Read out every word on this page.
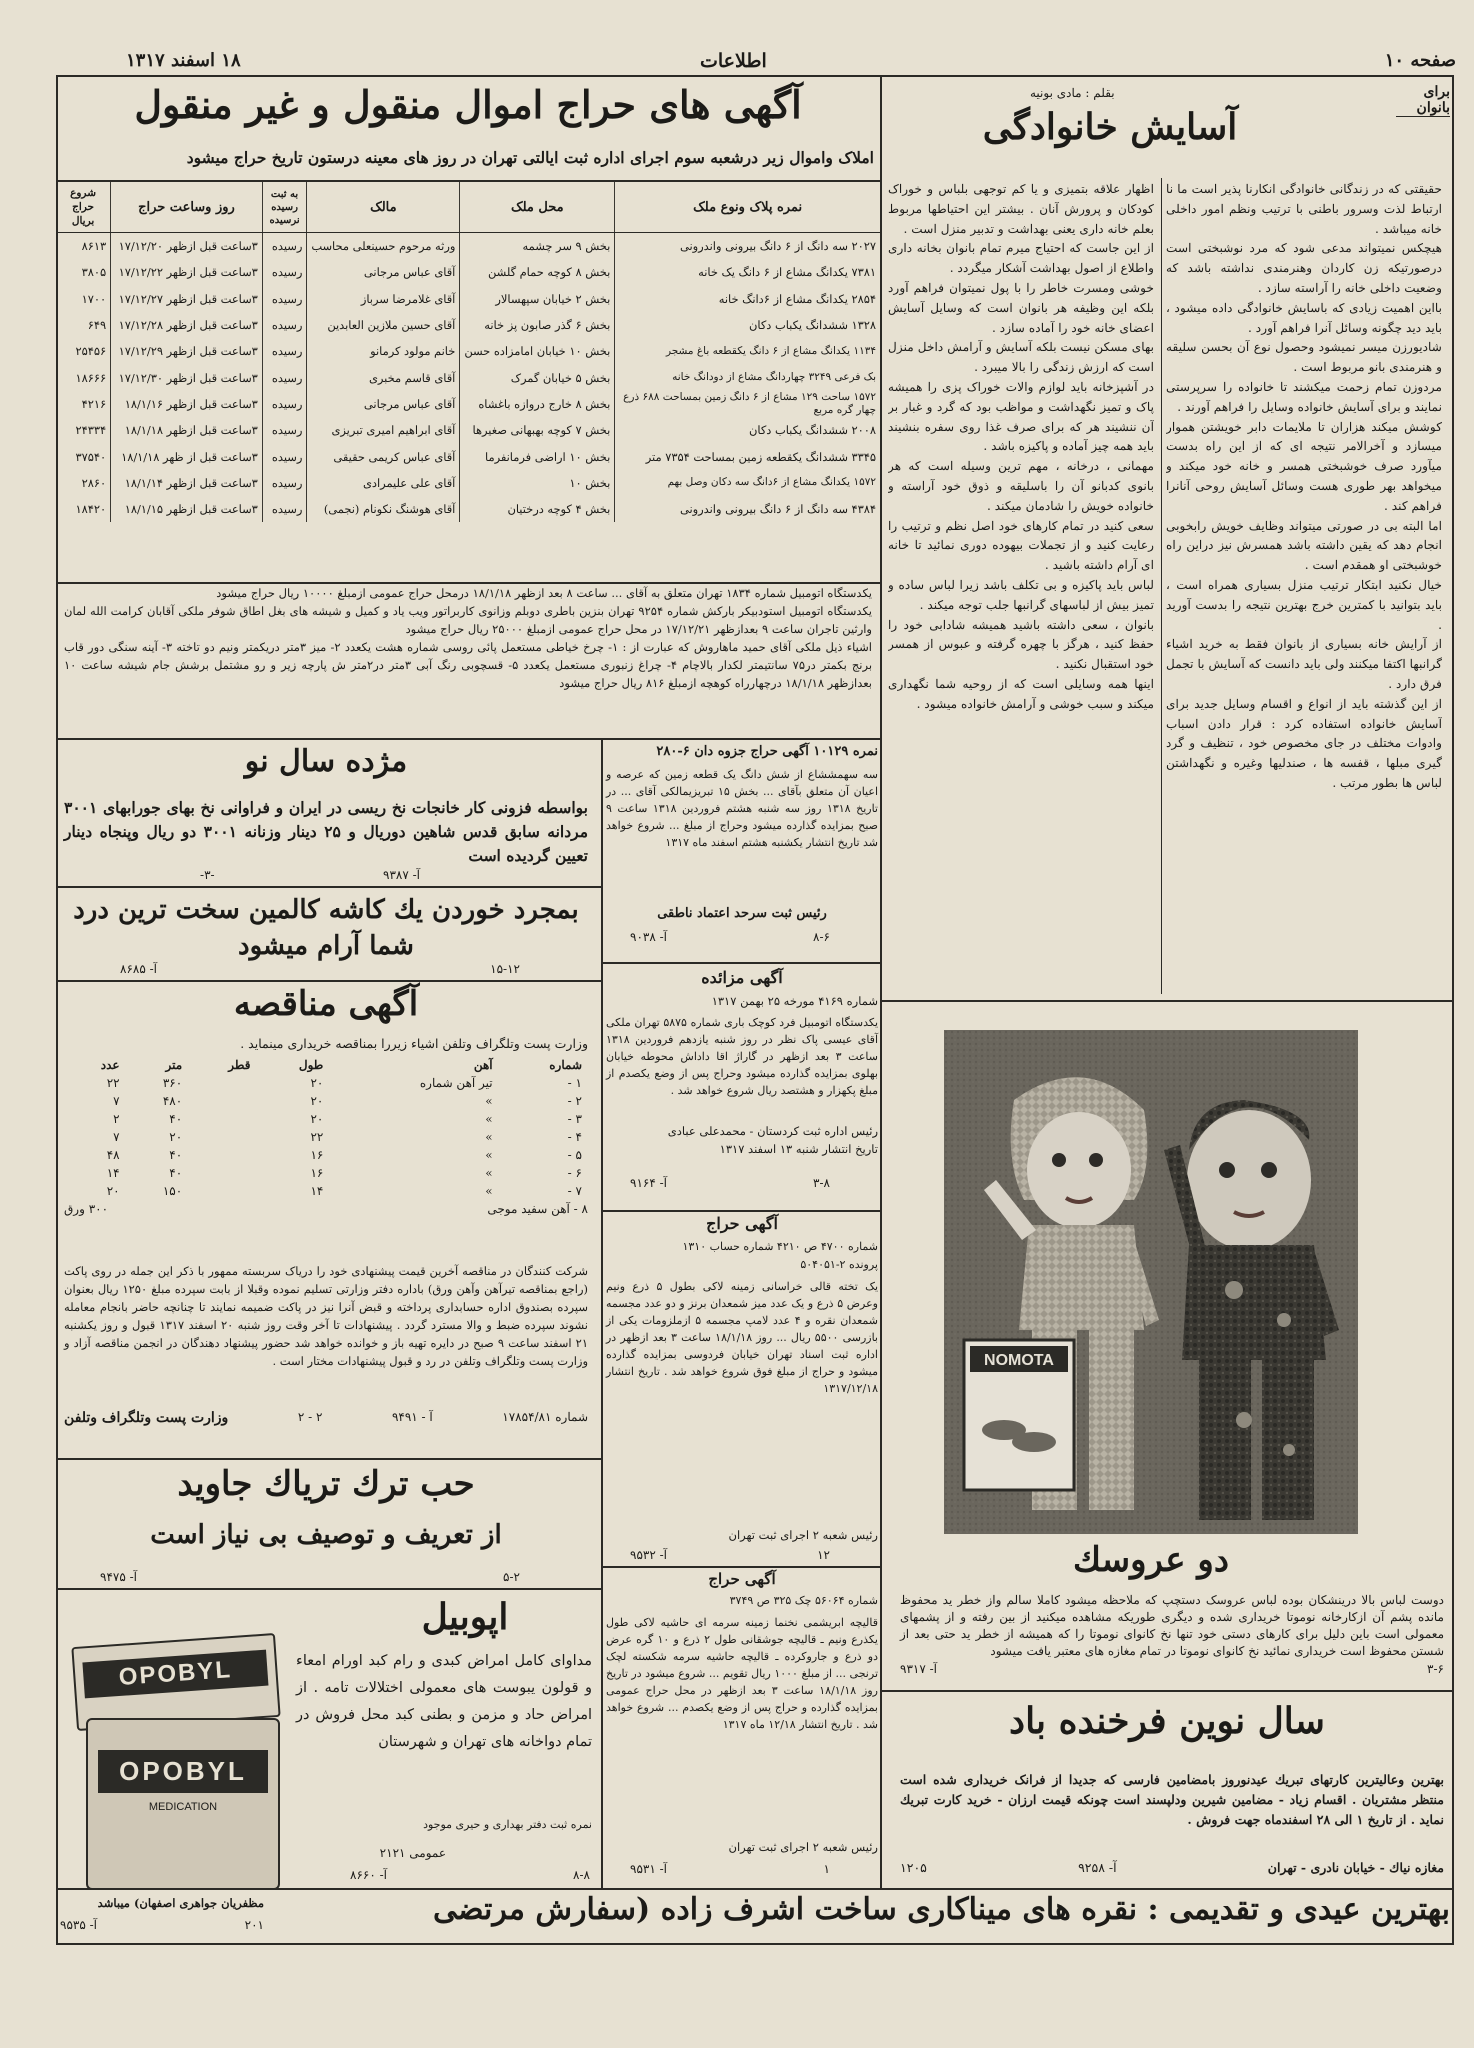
صفحه ۱۰
اطلاعات
۱۸ اسفند ۱۳۱۷
برای بانوان
بقلم : مادی بونیه
آسایش خانوادگی

حقیقتی که در زندگانی خانوادگی انکارنا پذیر است ما نا ارتباط لذت وسرور باطنی با ترتیب ونظم امور داخلی خانه میباشد .

هیچکس نمیتواند مدعی شود که مرد نوشبختی است درصورتیکه زن کاردان وهنرمندی نداشته باشد که وضعیت داخلی خانه را آراسته سازد .

بااین اهمیت زیادی که باسایش خانوادگی داده میشود ، باید دید چگونه وسائل آنرا فراهم آورد .

شادیورزن میسر نمیشود وحصول نوع آن بحسن سلیقه و هنرمندی بانو مربوط است .

مردوزن تمام زحمت میکشند تا خانواده را سرپرستی نمایند و برای آسایش خانواده وسایل را فراهم آورند .

کوشش میکند هزاران تا ملایمات دابر خویشتن هموار میسازد و آخرالامر نتیجه ای که از این راه بدست میآورد صرف خوشبختی همسر و خانه خود میکند و میخواهد بهر طوری هست وسائل آسایش روحی آنانرا فراهم کند .

اما البته بی در صورتی میتواند وظایف خویش رابخوبی انجام دهد که یقین داشته باشد همسرش نیز دراین راه خوشبختی او همقدم است .

خیال نکنید ابتکار ترتیب منزل بسیاری همراه است ، باید بتوانید با کمترین خرج بهترین نتیجه را بدست آورید .

از آرایش خانه بسیاری از بانوان فقط به خرید اشیاء گرانبها اکتفا میکنند ولی باید دانست که آسایش با تجمل فرق دارد .

از این گذشته باید از انواع و اقسام وسایل جدید برای آسایش خانواده استفاده کرد : قرار دادن اسباب وادوات مختلف در جای مخصوص خود ، تنظیف و گرد گیری مبلها ، قفسه ها ، صندلیها وغیره و نگهداشتن لباس ها بطور مرتب .

اظهار علاقه بتمیزی و یا کم توجهی بلباس و خوراک کودکان و پرورش آنان . بیشتر این احتیاطها مربوط بعلم خانه داری یعنی بهداشت و تدبیر منزل است .

از این جاست که احتیاج میرم تمام بانوان بخانه داری واطلاع از اصول بهداشت آشکار میگردد .

خوشی ومسرت خاطر را با پول نمیتوان فراهم آورد بلکه این وظیفه هر بانوان است که وسایل آسایش اعضای خانه خود را آماده سازد .

بهای مسکن نیست بلکه آسایش و آرامش داخل منزل است که ارزش زندگی را بالا میبرد .

در آشپزخانه باید لوازم والات خوراک پزی را همیشه پاک و تمیز نگهداشت و مواظب بود که گرد و غبار بر آن ننشیند هر که برای صرف غذا روی سفره بنشیند باید همه چیز آماده و پاکیزه باشد .

مهمانی ، درخانه ، مهم ترین وسیله است که هر بانوی کدبانو آن را باسلیقه و ذوق خود آراسته و خانواده خویش را شادمان میکند .

سعی کنید در تمام کارهای خود اصل نظم و ترتیب را رعایت کنید و از تجملات بیهوده دوری نمائید تا خانه ای آرام داشته باشید .

لباس باید پاکیزه و بی تکلف باشد زیرا لباس ساده و تمیز بیش از لباسهای گرانبها جلب توجه میکند .

بانوان ، سعی داشته باشید همیشه شادابی خود را حفظ کنید ، هرگز با چهره گرفته و عبوس از همسر خود استقبال نکنید .

اینها همه وسایلی است که از روحیه شما نگهداری میکند و سبب خوشی و آرامش خانواده میشود .

آگهی های حراج اموال منقول و غیر منقول
املاک واموال زیر درشعبه سوم اجرای اداره ثبت ایالتی تهران در روز های معینه درستون تاریخ حراج میشود
نمره پلاک ونوع ملک	محل ملک	مالک	به ثبت رسیده نرسیده	روز وساعت حراج	شروع حراج بریال
۲۰۲۷ سه دانگ از ۶ دانگ بیرونی واندرونی	بخش ۹ سر چشمه	ورثه مرحوم حسینعلی محاسب	رسیده	۳ساعت قبل ازظهر ۱۷/۱۲/۲۰	۸۶۱۳
۷۳۸۱ یکدانگ مشاع از ۶ دانگ یک خانه	بخش ۸ کوچه حمام گلشن	آقای عباس مرجانی	رسیده	۳ساعت قبل ازظهر ۱۷/۱۲/۲۲	۳۸۰۵
۲۸۵۴ یکدانگ مشاع از ۶دانگ خانه	بخش ۲ خیابان سپهسالار	آقای غلامرضا سرباز	رسیده	۳ساعت قبل ازظهر ۱۷/۱۲/۲۷	۱۷۰۰
۱۳۲۸ ششدانگ یکباب دکان	بخش ۶ گذر صابون پز خانه	آقای حسین ملازین العابدین	رسیده	۳ساعت قبل ازظهر ۱۷/۱۲/۲۸	۶۴۹
۱۱۳۴ یکدانگ مشاع از ۶ دانگ یکقطعه باغ مشجر	بخش ۱۰ خیابان امامزاده حسن	خانم مولود کرمانو	رسیده	۳ساعت قبل ازظهر ۱۷/۱۲/۲۹	۲۵۴۵۶
بک فرعی ۳۲۴۹ چهاردانگ مشاع از دودانگ خانه	بخش ۵ خیابان گمرک	آقای قاسم مخبری	رسیده	۳ساعت قبل ازظهر ۱۷/۱۲/۳۰	۱۸۶۶۶
۱۵۷۲ ساحت ۱۲۹ مشاع از ۶ دانگ زمین بمساحت ۶۸۸ ذرع چهار گره مربع	بخش ۸ خارج دروازه باغشاه	آقای عباس مرجانی	رسیده	۳ساعت قبل ازظهر ۱۸/۱/۱۶	۴۲۱۶
۲۰۰۸ ششدانگ یکباب دکان	بخش ۷ کوچه بهبهانی صغیرها	آقای ابراهیم امیری تبریزی	رسیده	۳ساعت قبل ازظهر ۱۸/۱/۱۸	۲۴۳۳۴
۳۳۴۵ ششدانگ یکقطعه زمین بمساحت ۷۳۵۴ متر	بخش ۱۰ اراضی فرمانفرما	آقای عباس کریمی حقیقی	رسیده	۳ساعت قبل از ظهر ۱۸/۱/۱۸	۳۷۵۴۰
۱۵۷۲ یکدانگ مشاع از ۶دانگ سه دکان وصل بهم	بخش ۱۰	آقای علی علیمرادی	رسیده	۳ساعت قبل ازظهر ۱۸/۱/۱۴	۲۸۶۰
۴۳۸۴ سه دانگ از ۶ دانگ بیرونی واندرونی	بخش ۴ کوچه درختیان	آقای هوشنگ نکونام (نجمی)	رسیده	۳ساعت قبل ازظهر ۱۸/۱/۱۵	۱۸۴۲۰
یکدستگاه اتومبیل شماره ۱۸۳۴ تهران متعلق به آقای ... ساعت ۸ بعد ازظهر ۱۸/۱/۱۸ درمحل حراج عمومی ازمبلغ ۱۰۰۰۰ ریال حراج میشود
یکدستگاه اتومبیل استودبیکر بارکش شماره ۹۲۵۴ تهران بنزین باطری دوبلم وزانوی کاربراتور ویب یاد و کمیل و شیشه های بغل اطاق شوفر ملکی آقابان کرامت الله لمان وارثین تاجران ساعت ۹ بعدازظهر ۱۷/۱۲/۲۱ در محل حراج عمومی ازمبلغ ۲۵۰۰۰ ریال حراج میشود
اشیاء ذیل ملکی آقای حمید ماهاروش که عبارت از : ۱- چرخ خیاطی مستعمل پائی روسی شماره هشت یکعدد ۲- میز ۳متر دریکمتر ونیم دو تاخته ۳- آینه سنگی دور قاب برنج بکمتر در۷۵ سانتیمتر لکدار بالاچام ۴- چراغ زنبوری مستعمل یکعدد ۵- قسچوبی رنگ آبی ۳متر در۲متر ش پارچه زیر و رو مشتمل برشش جام شیشه ساعت ۱۰ بعدازظهر ۱۸/۱/۱۸ درچهارراه کوهچه ازمبلغ ۸۱۶ ریال حراج میشود
مژده سال نو
بواسطه فزونی کار خانجات نخ ریسی در ایران و فراوانی نخ بهای جورابهای ۳۰۰۱ مردانه سابق قدس شاهین دوریال و ۲۵ دینار وزنانه ۳۰۰۱ دو ریال وپنجاه دینار تعیین گردیده است
آ- ۹۳۸۷
-۳-
بمجرد خوردن یك كاشه كالمین سخت ترین درد شما آرام میشود
۱۵-۱۲
آ- ۸۶۸۵
آگهی مناقصه
وزارت پست وتلگراف وتلفن اشیاء زیررا بمناقصه خریداری مینماید .
شماره	آهن	طول	قطر	متر	عدد
۱ -	تیر آهن شماره	۲۰		۳۶۰	۲۲
۲ -	»	۲۰		۴۸۰	۷
۳ -	»	۲۰		۴۰	۲
۴ -	»	۲۲		۲۰	۷
۵ -	»	۱۶		۴۰	۴۸
۶ -	»	۱۶		۴۰	۱۴
۷ -	»	۱۴		۱۵۰	۲۰
۸ - آهن سفید موجی
۳۰۰ ورق
شرکت کنندگان در مناقصه آخرین قیمت پیشنهادی خود را دریاک سربسته ممهور با ذکر این جمله در روی پاکت (راجع بمناقصه تیرآهن وآهن ورق) باداره دفتر وزارتی تسلیم نموده وقبلا از بابت سپرده مبلغ ۱۲۵۰ ریال بعنوان سپرده بصندوق اداره حسابداری پرداخته و قبض آنرا نیز در پاکت ضمیمه نمایند تا چنانچه حاضر بانجام معامله نشوند سپرده ضبط و والا مسترد گردد . پیشنهادات تا آخر وقت روز شنبه ۲۰ اسفند ۱۳۱۷ قبول و روز یکشنبه ۲۱ اسفند ساعت ۹ صبح در دایره تهیه باز و خوانده خواهد شد حضور پیشنهاد دهندگان در انجمن مناقصه آزاد و وزارت پست وتلگراف وتلفن در رد و قبول پیشنهادات مختار است .
شماره ۱۷۸۵۴/۸۱
آ - ۹۴۹۱
۲ - ۲
وزارت پست وتلگراف وتلفن
حب ترك تریاك جاوید
از تعریف و توصیف بی نیاز است
۵-۲
آ- ۹۴۷۵
اپوبیل
OPOBYL
OPOBYL
MEDICATION
مداوای کامل امراض کبدی و رام کبد اورام امعاء و قولون یبوست های معمولی اختلالات تامه . از امراض حاد و مزمن و بطنی کبد محل فروش در تمام دواخانه های تهران و شهرستان
نمره ثبت دفتر بهداری و حیری موجود
عمومی ۲۱۲۱
۸-۸
آ- ۸۶۶۰
نمره ۱۰۱۲۹ آگهی حراج جزوه دان ۶-۲۸۰
سه سهمششاع از شش دانگ یک قطعه زمین که عرصه و اعیان آن متعلق بآقای ... بخش ۱۵ تبریزیمالکی آقای ... در تاریخ ۱۳۱۸ روز سه شنبه هشتم فروردین ۱۳۱۸ ساعت ۹ صبح بمزایده گذارده میشود وحراج از مبلغ ... شروع خواهد شد تاریخ انتشار یکشنبه هشتم اسفند ماه ۱۳۱۷
رئیس ثبت سرحد اعتماد ناطقی
۸-۶
آ- ۹۰۳۸
آگهی مزائده
شماره ۴۱۶۹ مورخه ۲۵ بهمن ۱۳۱۷
یکدستگاه اتومبیل فرد کوچک باری شماره ۵۸۷۵ تهران ملکی آقای عیسی پاک نظر در روز شنبه یازدهم فروردین ۱۳۱۸ ساعت ۳ بعد ازظهر در گاراژ اقا داداش محوطه خیابان بهلوی بمزایده گذارده میشود وحراج پس از وضع یکصدم از مبلغ پکهزار و هشتصد ریال شروع خواهد شد .
رئیس اداره ثبت کردستان - محمدعلی عبادی
تاریخ انتشار شنبه ۱۳ اسفند ۱۳۱۷
۳-۸
آ- ۹۱۶۴
آگهی حراج
شماره ۴۷۰۰ ص ۴۲۱۰ شماره حساب ۱۳۱۰
پرونده ۲-۵۰۴۰۵۱
یک تخته قالی خراسانی زمینه لاکی بطول ۵ ذرع ونیم وعرض ۵ ذرع و یک عدد میز شمعدان برنز و دو عدد مجسمه شمعدان نقره و ۴ عدد لامپ مجسمه ۵ ازملزومات یکی از بازرسی ۵۵۰۰ ریال ... روز ۱۸/۱/۱۸ ساعت ۳ بعد ازظهر در اداره ثبت اسناد تهران خیابان فردوسی بمزایده گذارده میشود و حراج از مبلغ فوق شروع خواهد شد . تاریخ انتشار ۱۳۱۷/۱۲/۱۸
رئیس شعبه ۲ اجرای ثبت تهران
۱۲
آ- ۹۵۳۲
آگهی حراج
شماره ۵۶۰۶۴ چک ۳۲۵ ص ۳۷۴۹
قالیچه ابریشمی نخنما زمینه سرمه ای حاشیه لاکی طول یکذرع ونیم ـ قالیچه جوشقانی طول ۲ ذرع و ۱۰ گره عرض دو ذرع و جاروکرده ـ قالیچه حاشیه سرمه شکسته لچک ترنجی ... از مبلغ ۱۰۰۰ ریال تقویم ... شروع میشود در تاریخ روز ۱۸/۱/۱۸ ساعت ۳ بعد ازظهر در محل حراج عمومی بمزایده گذارده و حراج پس از وضع یکصدم ... شروع خواهد شد . تاریخ انتشار ۱۲/۱۸ ماه ۱۳۱۷
رئیس شعبه ۲ اجرای ثبت تهران
۱
آ- ۹۵۳۱
NOMOTA
دو عروسك
دوست لباس بالا درینشکان بوده لباس عروسک دستچپ که ملاحظه میشود کاملا سالم واز خطر ید محفوظ مانده پشم آن ازکارخانه نوموتا خریداری شده و دیگری طوریکه مشاهده میکنید از بین رفته و از پشمهای معمولی است باین دلیل برای کارهای دستی خود تنها نخ کانوای نوموتا را که همیشه از خطر ید حتی بعد از شستن محفوظ است خریداری نمائید نخ کانوای نوموتا در تمام مغازه های معتبر یافت میشود
۳-۶
آ- ۹۳۱۷
سال نوین فرخنده باد
بهترین وعالیترین کارتهای تبریك عیدنوروز بامضامین فارسی که جدیدا از فرانک خریداری شده است منتظر مشتریان . اقسام زیاد - مضامین شیرین ودلپسند است چونکه قیمت ارزان - خرید کارت تبریك نماید . از تاریخ ۱ الی ۲۸ اسفندماه جهت فروش .
مغازه نیاك - خیابان نادری - تهران
آ- ۹۲۵۸
۱۲۰۵
بهترین عیدی و تقدیمی : نقره های میناکاری ساخت اشرف زاده (سفارش مرتضی
مظفریان جواهری اصفهان) میباشد
۲۰۱
آ- ۹۵۳۵
